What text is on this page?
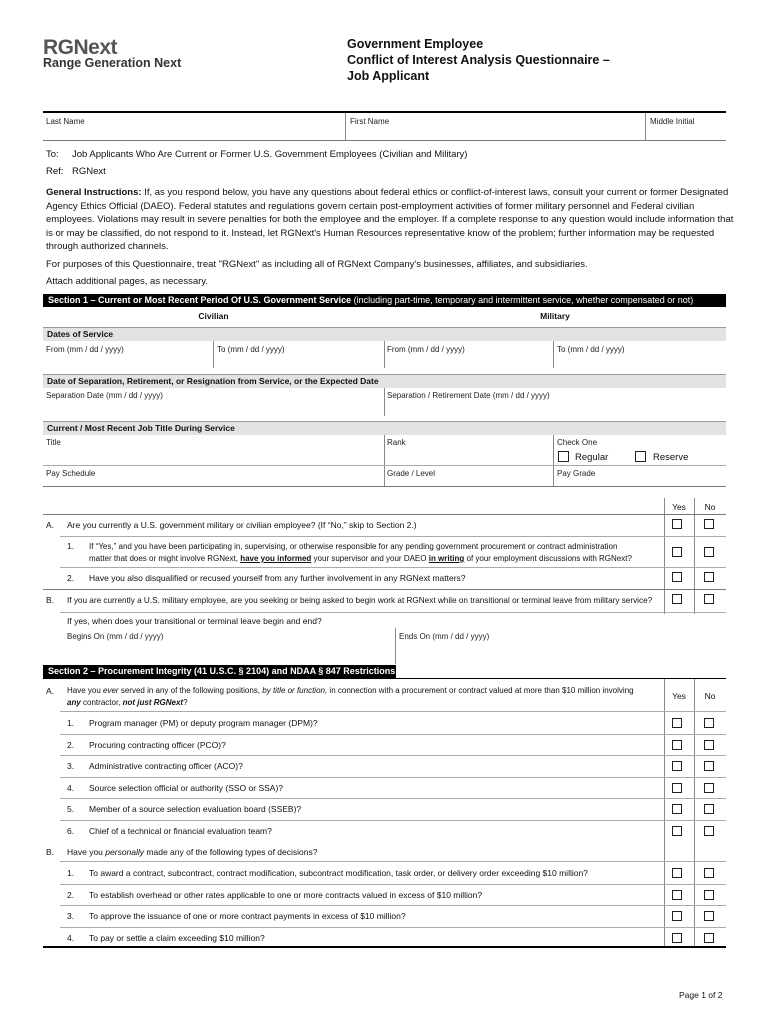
RGNext
Range Generation Next
Government Employee
Conflict of Interest Analysis Questionnaire –
Job Applicant
Last Name	First Name	Middle Initial
To: Job Applicants Who Are Current or Former U.S. Government Employees (Civilian and Military)
Ref: RGNext
General Instructions: If, as you respond below, you have any questions about federal ethics or conflict-of-interest laws, consult your current or former Designated
Agency Ethics Official (DAEO). Federal statutes and regulations govern certain post-employment activities of former military personnel and Federal civilian
employees. Violations may result in severe penalties for both the employee and the employer. If a complete response to any question would include information that
is or may be classified, do not respond to it. Instead, let RGNext's Human Resources representative know of the problem; further information may be requested
through authorized channels.
For purposes of this Questionnaire, treat "RGNext" as including all of RGNext Company's businesses, affiliates, and subsidiaries.
Attach additional pages, as necessary.
Section 1 – Current or Most Recent Period Of U.S. Government Service (including part-time, temporary and intermittent service, whether compensated or not)
Civilian	Military
Dates of Service
From (mm / dd / yyyy)	To (mm / dd / yyyy)	From (mm / dd / yyyy)	To (mm / dd / yyyy)
Date of Separation, Retirement, or Resignation from Service, or the Expected Date
Separation Date (mm / dd / yyyy)	Separation / Retirement Date (mm / dd / yyyy)
Current / Most Recent Job Title During Service
Title	Rank	Check One
Regular	Reserve
Pay Schedule	Grade / Level	Pay Grade
Yes	No
A. Are you currently a U.S. government military or civilian employee? (If “No,” skip to Section 2.)
1. If “Yes,” and you have been participating in, supervising, or otherwise responsible for any pending government procurement or contract administration
matter that does or might involve RGNext, have you informed your supervisor and your DAEO in writing of your employment discussions with RGNext?
2. Have you also disqualified or recused yourself from any further involvement in any RGNext matters?
B. If you are currently a U.S. military employee, are you seeking or being asked to begin work at RGNext while on transitional or terminal leave from military service?
If yes, when does your transitional or terminal leave begin and end?
Begins On (mm / dd / yyyy)	Ends On (mm / dd / yyyy)
Section 2 – Procurement Integrity (41 U.S.C. § 2104) and NDAA § 847 Restrictions
A. Have you ever served in any of the following positions, by title or function, in connection with a procurement or contract valued at more than $10 million involving
any contractor, not just RGNext?
Yes	No
1. Program manager (PM) or deputy program manager (DPM)?
2. Procuring contracting officer (PCO)?
3. Administrative contracting officer (ACO)?
4. Source selection official or authority (SSO or SSA)?
5. Member of a source selection evaluation board (SSEB)?
6. Chief of a technical or financial evaluation team?
B. Have you personally made any of the following types of decisions?
1. To award a contract, subcontract, contract modification, subcontract modification, task order, or delivery order exceeding $10 million?
2. To establish overhead or other rates applicable to one or more contracts valued in excess of $10 million?
3. To approve the issuance of one or more contract payments in excess of $10 million?
4. To pay or settle a claim exceeding $10 million?
Page 1 of 2
